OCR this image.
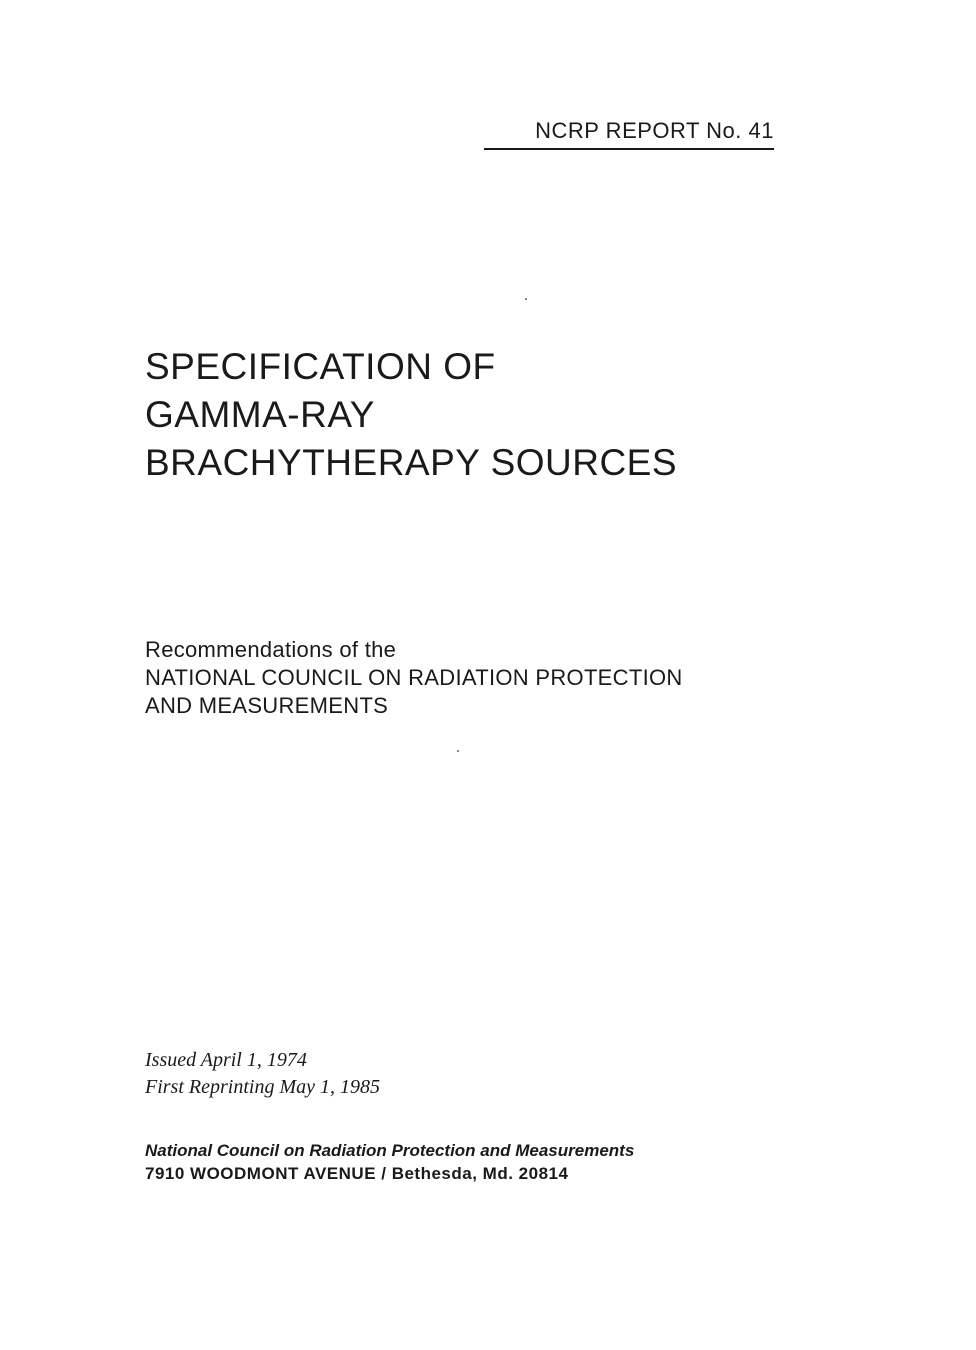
NCRP REPORT No. 41
SPECIFICATION OF
GAMMA-RAY
BRACHYTHERAPY SOURCES
Recommendations of the
NATIONAL COUNCIL ON RADIATION PROTECTION
AND MEASUREMENTS
Issued April 1, 1974
First Reprinting May 1, 1985
National Council on Radiation Protection and Measurements
7910 WOODMONT AVENUE / Bethesda, Md. 20814
